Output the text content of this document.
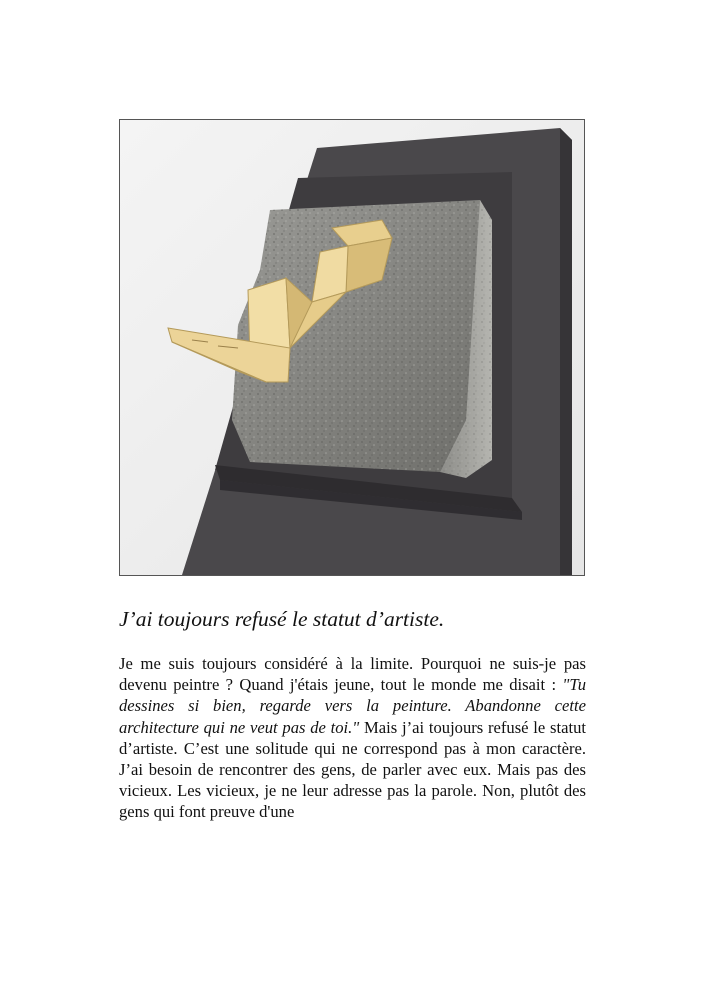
J’ai toujours refusé le statut d’artiste.

Je me suis toujours considéré à la limite. Pourquoi ne suis-je pas devenu peintre ? Quand j'étais jeune, tout le monde me disait : "Tu dessines si bien, regarde vers la peinture. Abandonne cette architecture qui ne veut pas de toi." Mais j’ai toujours refusé le statut d’artiste. C’est une solitude qui ne correspond pas à mon caractère. J’ai besoin de rencontrer des gens, de parler avec eux. Mais pas des vicieux. Les vicieux, je ne leur adresse pas la parole. Non, plutôt des gens qui font preuve d'une
